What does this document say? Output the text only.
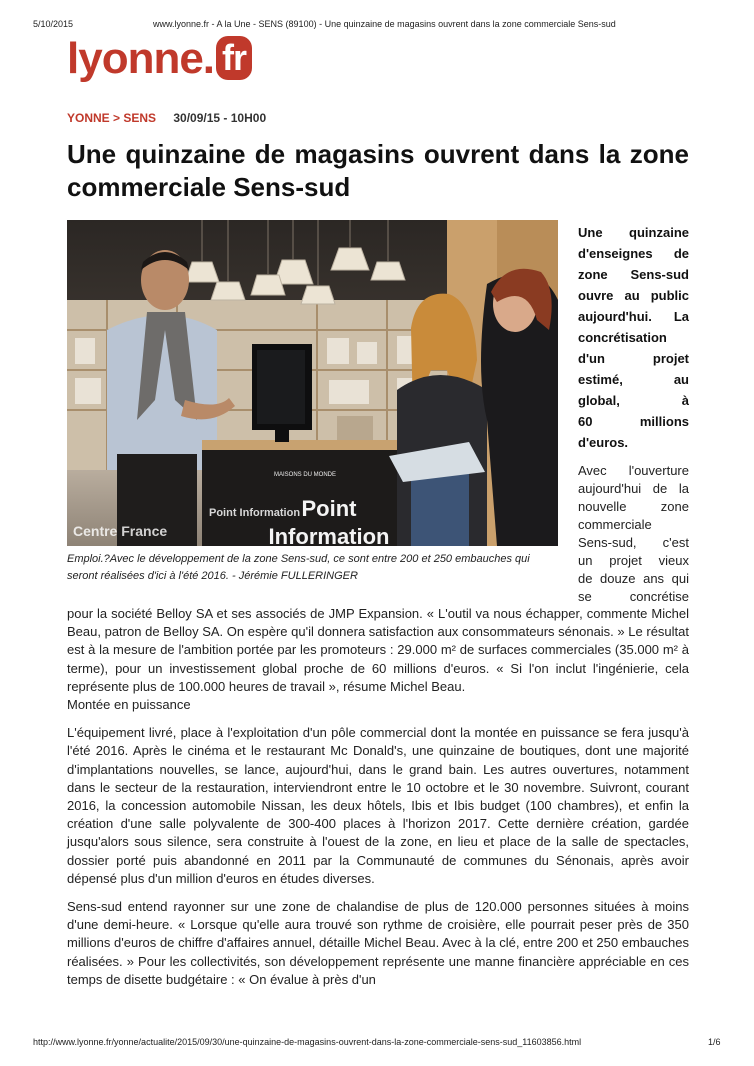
5/10/2015	www.lyonne.fr - A la Une - SENS (89100) - Une quinzaine de magasins ouvrent dans la zone commerciale Sens-sud
lyonne. fr
YONNE > SENS 30/09/15 - 10H00
Une quinzaine de magasins ouvrent dans la zone commerciale Sens-sud
MAISONS DU MONDE
Point
Information
Point Information
Centre France
Emploi.?Avec le développement de la zone Sens-sud, ce sont entre 200 et 250 embauches qui seront réalisées d'ici à l'été 2016. - Jérémie FULLERINGER
Une quinzaine
d'enseignes de
zone Sens-sud
ouvre au public
aujourd'hui. La
concrétisation
d'un projet
estimé, au
global, à
60 millions
d'euros.
Avec l'ouverture
aujourd'hui de la
nouvelle zone
commerciale
Sens-sud, c'est
un projet vieux
de douze ans qui
se concrétise

pour la société Belloy SA et ses associés de JMP Expansion. « L'outil va nous échapper, commente Michel Beau, patron de Belloy SA. On espère qu'il donnera satisfaction aux consommateurs sénonais. » Le résultat est à la mesure de l'ambition portée par les promoteurs : 29.000 m² de surfaces commerciales (35.000 m² à terme), pour un investissement global proche de 60 millions d'euros. « Si l'on inclut l'ingénierie, cela représente plus de 100.000 heures de travail », résume Michel Beau.

Montée en puissance

L'équipement livré, place à l'exploitation d'un pôle commercial dont la montée en puissance se fera jusqu'à l'été 2016. Après le cinéma et le restaurant Mc Donald's, une quinzaine de boutiques, dont une majorité d'implantations nouvelles, se lance, aujourd'hui, dans le grand bain. Les autres ouvertures, notamment dans le secteur de la restauration, interviendront entre le 10 octobre et le 30 novembre. Suivront, courant 2016, la concession automobile Nissan, les deux hôtels, Ibis et Ibis budget (100 chambres), et enfin la création d'une salle polyvalente de 300-400 places à l'horizon 2017. Cette dernière création, gardée jusqu'alors sous silence, sera construite à l'ouest de la zone, en lieu et place de la salle de spectacles, dossier porté puis abandonné en 2011 par la Communauté de communes du Sénonais, après avoir dépensé plus d'un million d'euros en études diverses.

Sens-sud entend rayonner sur une zone de chalandise de plus de 120.000 personnes situées à moins d'une demi-heure. « Lorsque qu'elle aura trouvé son rythme de croisière, elle pourrait peser près de 350 millions d'euros de chiffre d'affaires annuel, détaille Michel Beau. Avec à la clé, entre 200 et 250 embauches réalisées. » Pour les collectivités, son développement représente une manne financière appréciable en ces temps de disette budgétaire : « On évalue à près d'un

http://www.lyonne.fr/yonne/actualite/2015/09/30/une-quinzaine-de-magasins-ouvrent-dans-la-zone-commerciale-sens-sud_11603856.html	1/6
